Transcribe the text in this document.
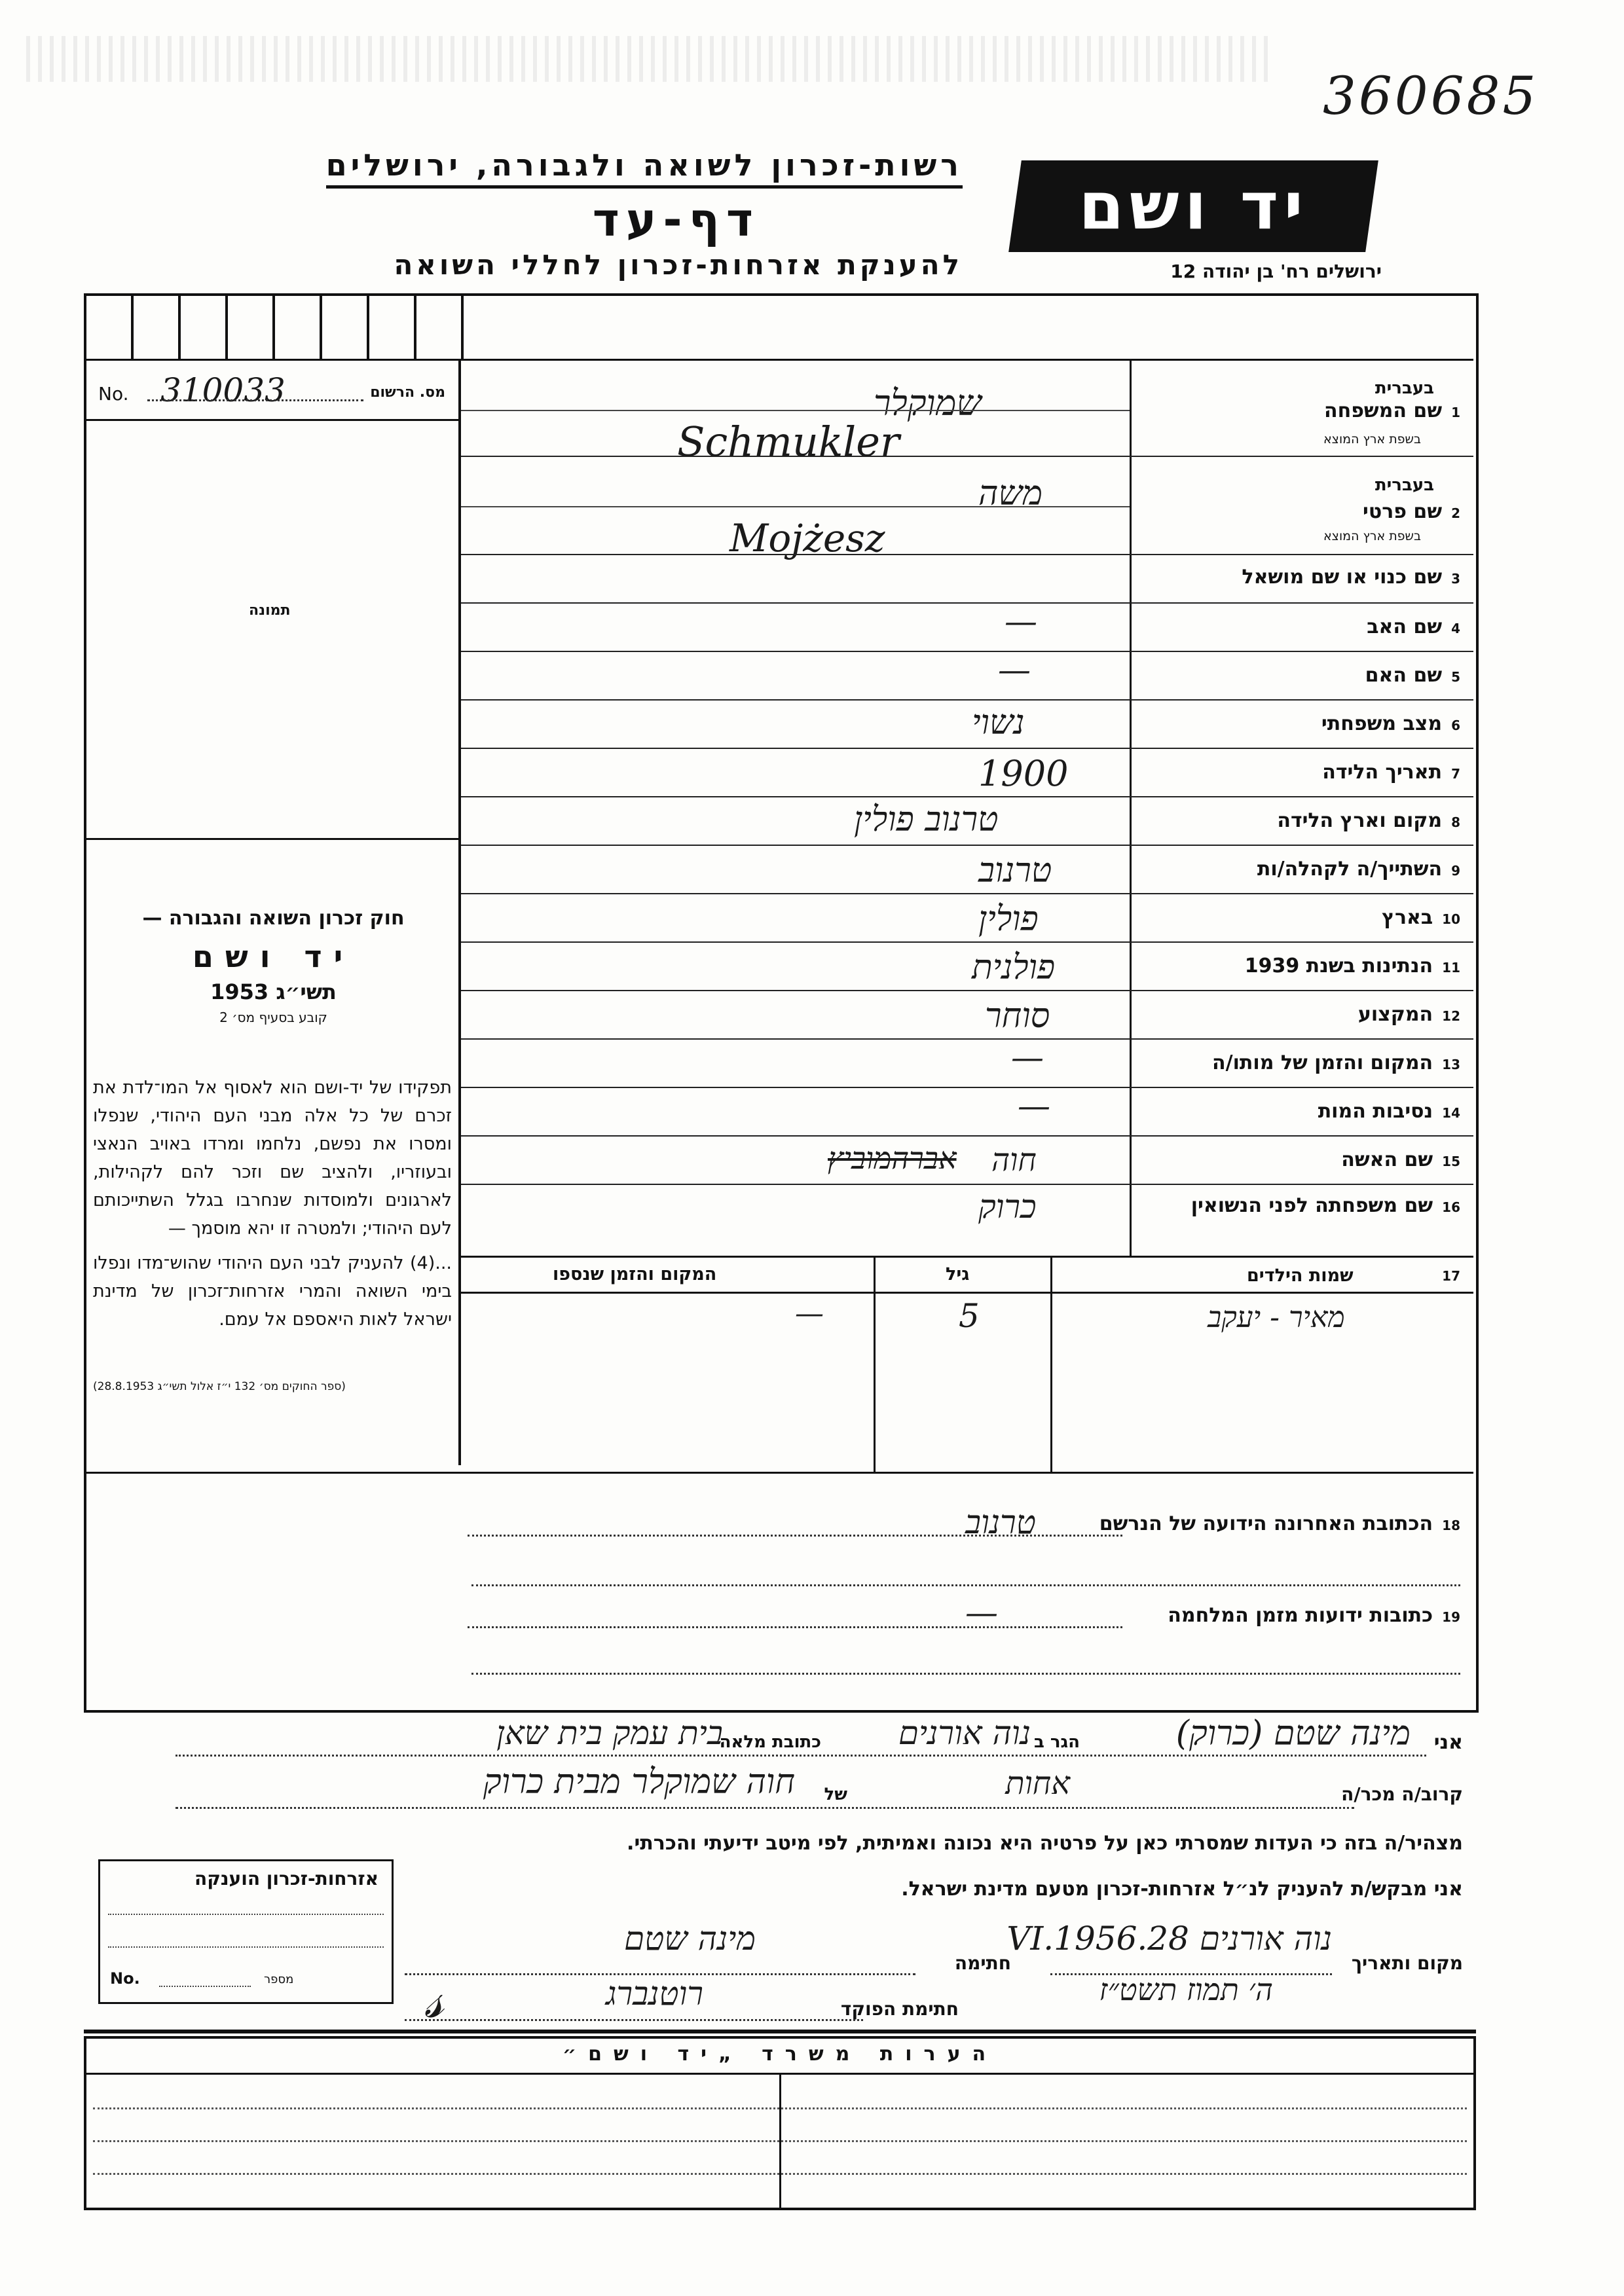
360685
רשות-זכרון לשואה ולגבורה, ירושלים
דף-עד
להענקת אזרחות-זכרון לחללי השואה
יד ושם
ירושלים רח' בן יהודה 12
No. 310033	מס. הרשום
תמונה

חוק זכרון השואה והגבורה —

יד ושם

תשי״ג 1953

קובע בסעיף מס׳ 2

תפקידו של יד-ושם הוא לאסוף אל המו־לדת את זכרם של כל אלה מבני העם היהודי, שנפלו ומסרו את נפשם, נלחמו ומרדו באויב הנאצי ובעוזריו, ולהציב שם וזכר להם לקהילות, לארגונים ולמוסדות שנחרבו בגלל השתייכותם לעם היהודי; ולמטרה זו יהא מוסמך —

...(4) להעניק לבני העם היהודי שהוש־מדו ונפלו בימי השואה והמרי אזרחות־זכרון של מדינת ישראל לאות היאספם אל עמם.

(ספר החוקים מס׳ 132 י״ז אלול תשי״ג 28.8.1953)

בעברית
1שם המשפחה
בשפת ארץ המוצא
שמוקלר
Schmukler
בעברית
2שם פרטי
בשפת ארץ המוצא
משה
Mojżesz
3שם כנוי או שם מושאל
4שם האב
—
5שם האם
—
6מצב משפחתי
נשוי
7תאריך הלידה
1900
8מקום וארץ הלידה
טרנוב פולין
9השתייך/ה לקהלה/ות
טרנוב
10בארץ
פולין
11הנתינות בשנת 1939
פולנית
12המקצוע
סוחר
13המקום והזמן של מותו/ה
—
14נסיבות המות
—
15שם האשה
אברהמוביץ חוה
16שם משפחתה לפני הנשואין
כרוק
המקום והזמן שנספו	גיל	שמות הילדים	17
—	5	מאיר - יעקב
18הכתובת האחרונה הידועה של הנרשם
טרנוב
19כתובות ידועות מזמן המלחמה
—
אני
מינה שטם (כרוק)
הגר ב
נוה אורנים
כתובת מלאה
בית עמק בית שאן
קרוב/ה מכר/ה
אחות
של
חוה שמוקלר מבית כרוק
מצהיר/ה בזה כי העדות שמסרתי כאן על פרטיה היא נכונה ואמיתית, לפי מיטב ידיעתי והכרתי.
אני מבקש/ת להעניק לנ״ל אזרחות-זכרון מטעם מדינת ישראל.
מקום ותאריך
נוה אורנים 28.VI.1956
ה׳ תמוז תשט״ז
חתימה
מינה שטם
חתימת הפוקד
רוטנברג
𝓈
אזרחות-זכרון הוענקה
No.	מספר
הערות משרד „יד ושם״
